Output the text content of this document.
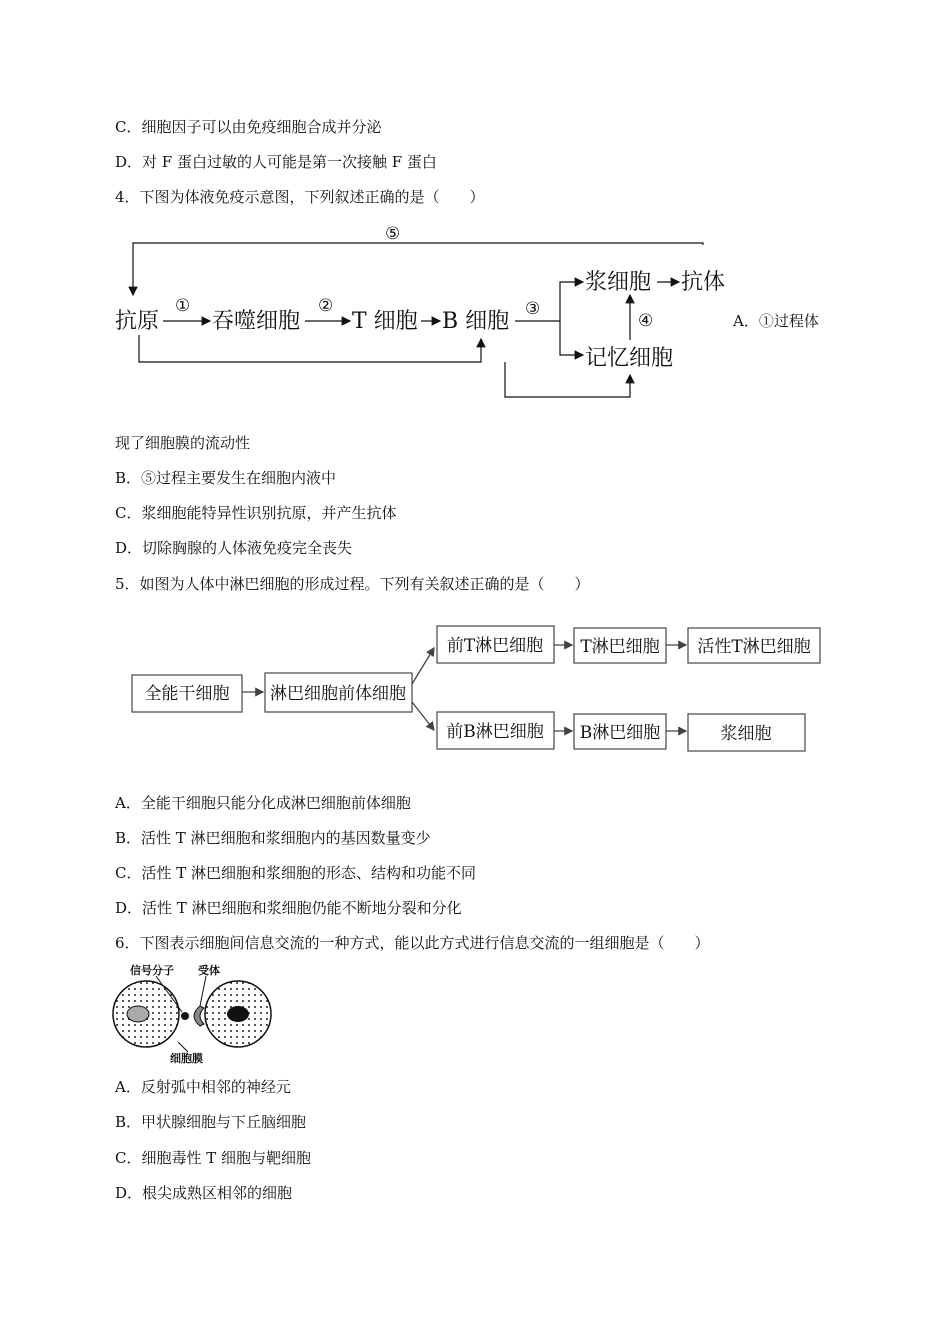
C．细胞因子可以由免疫细胞合成并分泌
D．对 F 蛋白过敏的人可能是第一次接触 F 蛋白
4．下图为体液免疫示意图，下列叙述正确的是（　　）
⑤
抗原
①
吞噬细胞
②
T 细胞 B 细胞 ③
浆细胞 抗体
记忆细胞
④	A．①过程体
现了细胞膜的流动性
B．⑤过程主要发生在细胞内液中
C．浆细胞能特异性识别抗原，并产生抗体
D．切除胸腺的人体液免疫完全丧失
5．如图为人体中淋巴细胞的形成过程。下列有关叙述正确的是（　　）
全能干细胞 淋巴细胞前体细胞
前T淋巴细胞 T淋巴细胞 活性T淋巴细胞
前B淋巴细胞 B淋巴细胞	浆细胞
A．全能干细胞只能分化成淋巴细胞前体细胞
B．活性 T 淋巴细胞和浆细胞内的基因数量变少
C．活性 T 淋巴细胞和浆细胞的形态、结构和功能不同
D．活性 T 淋巴细胞和浆细胞仍能不断地分裂和分化
6．下图表示细胞间信息交流的一种方式，能以此方式进行信息交流的一组细胞是（　　）
信号分子 受体
细胞膜
A．反射弧中相邻的神经元
B．甲状腺细胞与下丘脑细胞
C．细胞毒性 T 细胞与靶细胞
D．根尖成熟区相邻的细胞
